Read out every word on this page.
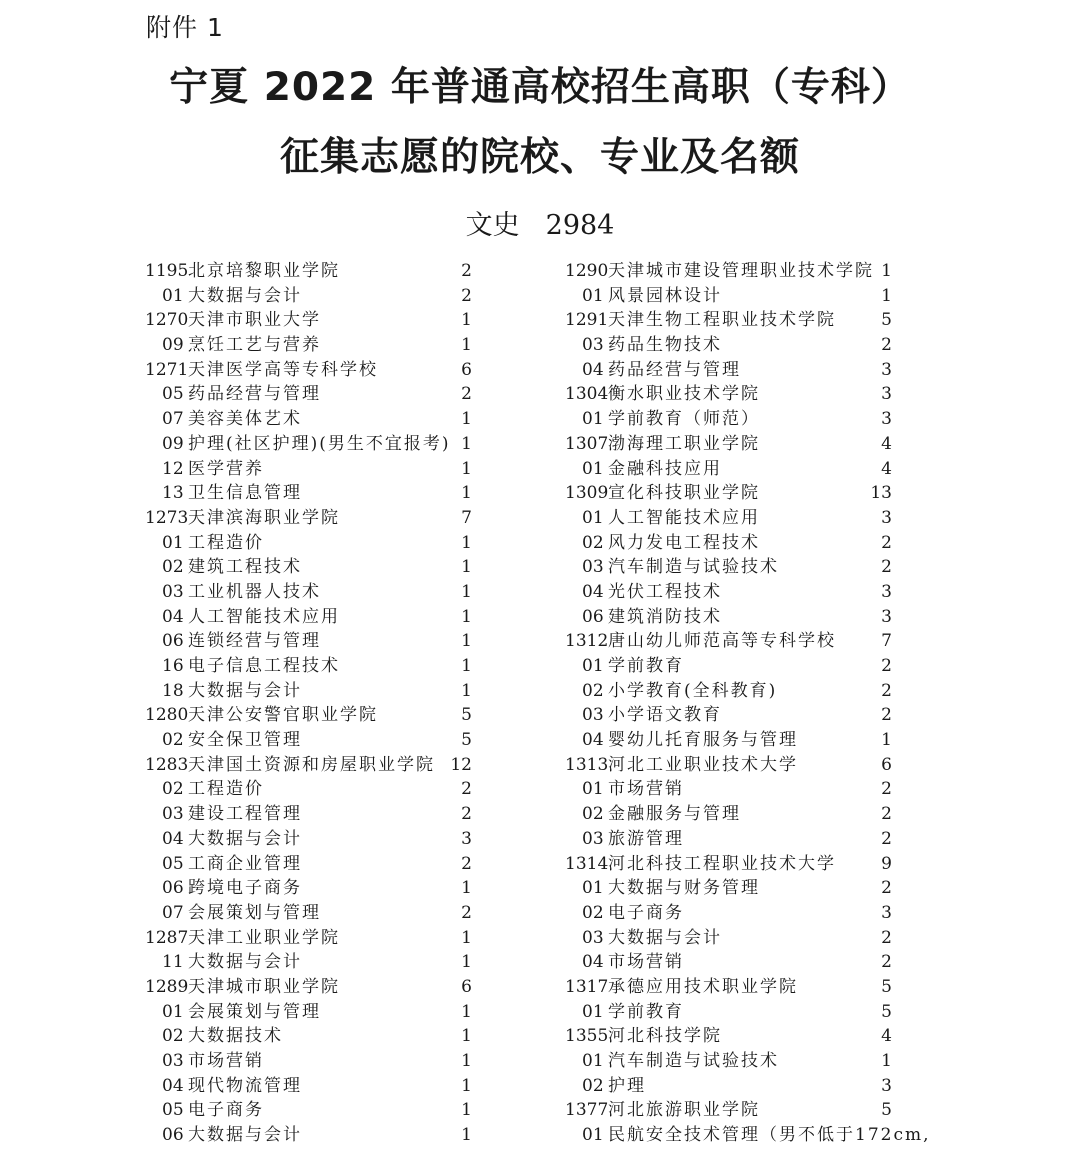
附件 1
宁夏 2022 年普通高校招生高职（专科）
征集志愿的院校、专业及名额
文史 2984
1195 北京培黎职业学院	2
01 大数据与会计	2
1270 天津市职业大学	1
09 烹饪工艺与营养	1
1271 天津医学高等专科学校	6
05 药品经营与管理	2
07 美容美体艺术	1
09 护理(社区护理)(男生不宜报考) 1
12 医学营养	1
13 卫生信息管理	1
1273 天津滨海职业学院	7
01 工程造价	1
02 建筑工程技术	1
03 工业机器人技术	1
04 人工智能技术应用	1
06 连锁经营与管理	1
16 电子信息工程技术	1
18 大数据与会计	1
1280 天津公安警官职业学院	5
02 安全保卫管理	5
1283 天津国土资源和房屋职业学院 12
02 工程造价	2
03 建设工程管理	2
04 大数据与会计	3
05 工商企业管理	2
06 跨境电子商务	1
07 会展策划与管理	2
1287 天津工业职业学院	1
11 大数据与会计	1
1289 天津城市职业学院	6
01 会展策划与管理	1
02 大数据技术	1
03 市场营销	1
04 现代物流管理	1
05 电子商务	1
06 大数据与会计	1
1290 天津城市建设管理职业技术学院 1
01 风景园林设计	1
1291 天津生物工程职业技术学院	5
03 药品生物技术	2
04 药品经营与管理	3
1304 衡水职业技术学院	3
01 学前教育（师范）	3
1307 渤海理工职业学院	4
01 金融科技应用	4
1309 宣化科技职业学院	13
01 人工智能技术应用	3
02 风力发电工程技术	2
03 汽车制造与试验技术	2
04 光伏工程技术	3
06 建筑消防技术	3
1312 唐山幼儿师范高等专科学校	7
01 学前教育	2
02 小学教育(全科教育)	2
03 小学语文教育	2
04 婴幼儿托育服务与管理	1
1313 河北工业职业技术大学	6
01 市场营销	2
02 金融服务与管理	2
03 旅游管理	2
1314 河北科技工程职业技术大学	9
01 大数据与财务管理	2
02 电子商务	3
03 大数据与会计	2
04 市场营销	2
1317 承德应用技术职业学院	5
01 学前教育	5
1355 河北科技学院	4
01 汽车制造与试验技术	1
02 护理	3
1377 河北旅游职业学院	5
01 民航安全技术管理（男不低于172cm,
